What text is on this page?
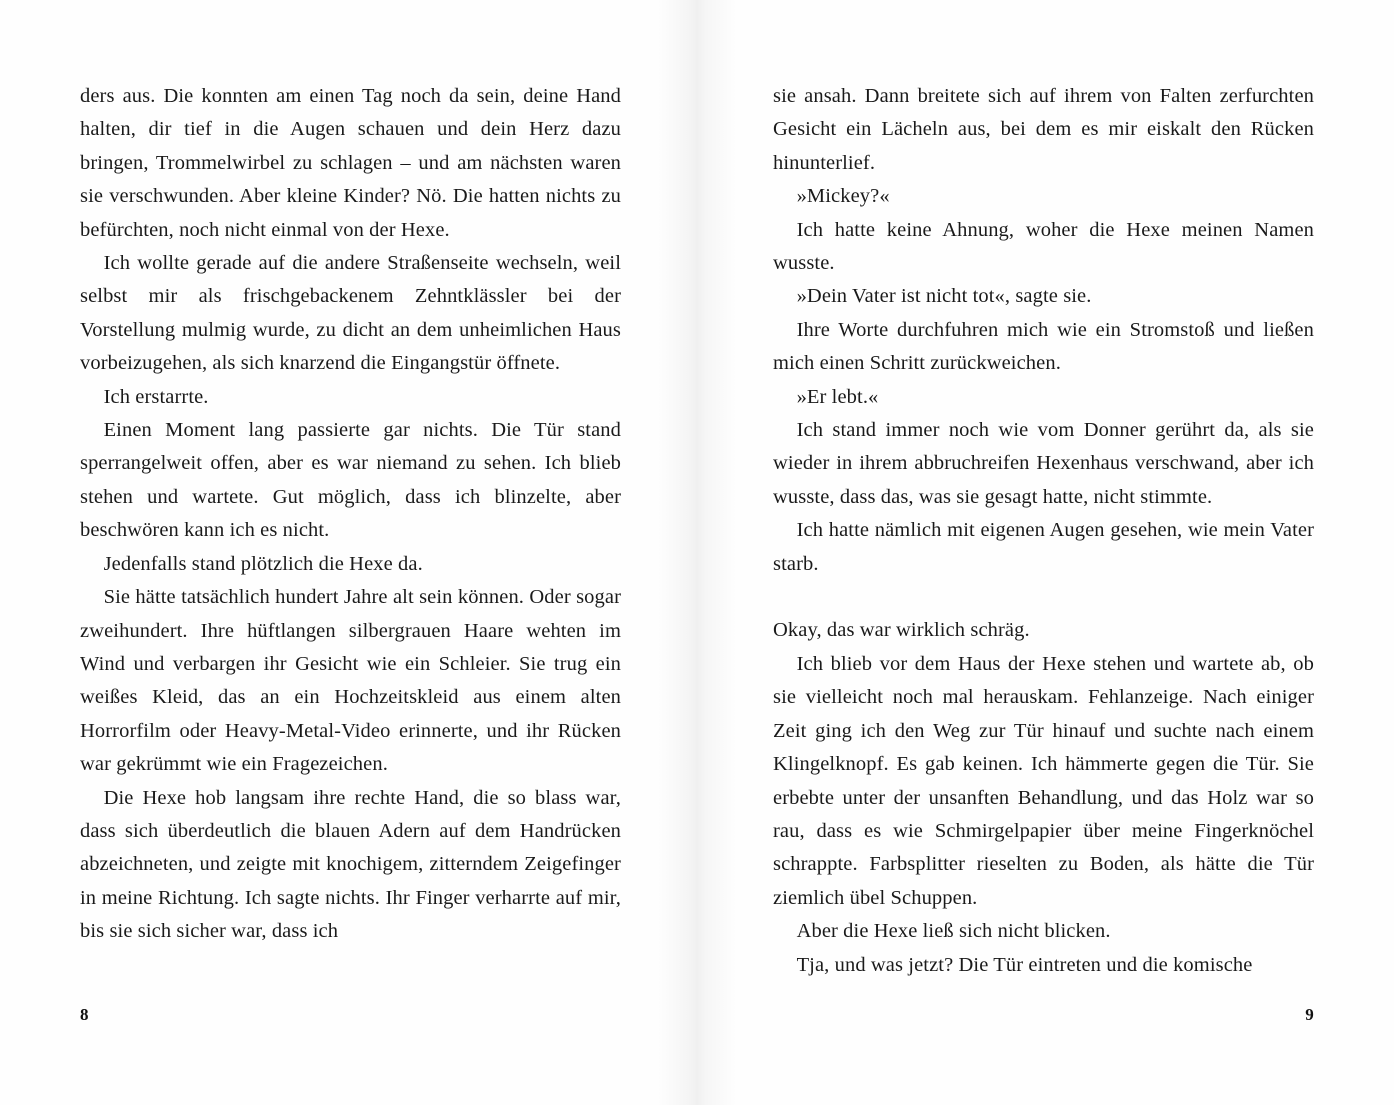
ders aus. Die konnten am einen Tag noch da sein, deine Hand halten, dir tief in die Augen schauen und dein Herz dazu bringen, Trommelwirbel zu schlagen – und am nächsten waren sie verschwunden. Aber kleine Kinder? Nö. Die hatten nichts zu befürchten, noch nicht einmal von der Hexe.

Ich wollte gerade auf die andere Straßenseite wechseln, weil selbst mir als frischgebackenem Zehntklässler bei der Vorstellung mulmig wurde, zu dicht an dem unheimlichen Haus vorbeizugehen, als sich knarzend die Eingangstür öffnete.

Ich erstarrte.

Einen Moment lang passierte gar nichts. Die Tür stand sperrangelweit offen, aber es war niemand zu sehen. Ich blieb stehen und wartete. Gut möglich, dass ich blinzelte, aber beschwören kann ich es nicht.

Jedenfalls stand plötzlich die Hexe da.

Sie hätte tatsächlich hundert Jahre alt sein können. Oder sogar zweihundert. Ihre hüftlangen silbergrauen Haare wehten im Wind und verbargen ihr Gesicht wie ein Schleier. Sie trug ein weißes Kleid, das an ein Hochzeitskleid aus einem alten Horrorfilm oder Heavy-Metal-Video erinnerte, und ihr Rücken war gekrümmt wie ein Fragezeichen.

Die Hexe hob langsam ihre rechte Hand, die so blass war, dass sich überdeutlich die blauen Adern auf dem Handrücken abzeichneten, und zeigte mit knochigem, zitterndem Zeigefinger in meine Richtung. Ich sagte nichts. Ihr Finger verharrte auf mir, bis sie sich sicher war, dass ich

8

sie ansah. Dann breitete sich auf ihrem von Falten zerfurchten Gesicht ein Lächeln aus, bei dem es mir eiskalt den Rücken hinunterlief.

»Mickey?«

Ich hatte keine Ahnung, woher die Hexe meinen Namen wusste.

»Dein Vater ist nicht tot«, sagte sie.

Ihre Worte durchfuhren mich wie ein Stromstoß und ließen mich einen Schritt zurückweichen.

»Er lebt.«

Ich stand immer noch wie vom Donner gerührt da, als sie wieder in ihrem abbruchreifen Hexenhaus verschwand, aber ich wusste, dass das, was sie gesagt hatte, nicht stimmte.

Ich hatte nämlich mit eigenen Augen gesehen, wie mein Vater starb.

Okay, das war wirklich schräg.

Ich blieb vor dem Haus der Hexe stehen und wartete ab, ob sie vielleicht noch mal herauskam. Fehlanzeige. Nach einiger Zeit ging ich den Weg zur Tür hinauf und suchte nach einem Klingelknopf. Es gab keinen. Ich hämmerte gegen die Tür. Sie erbebte unter der unsanften Behandlung, und das Holz war so rau, dass es wie Schmirgelpapier über meine Fingerknöchel schrappte. Farbsplitter rieselten zu Boden, als hätte die Tür ziemlich übel Schuppen.

Aber die Hexe ließ sich nicht blicken.

Tja, und was jetzt? Die Tür eintreten und die komische

9
